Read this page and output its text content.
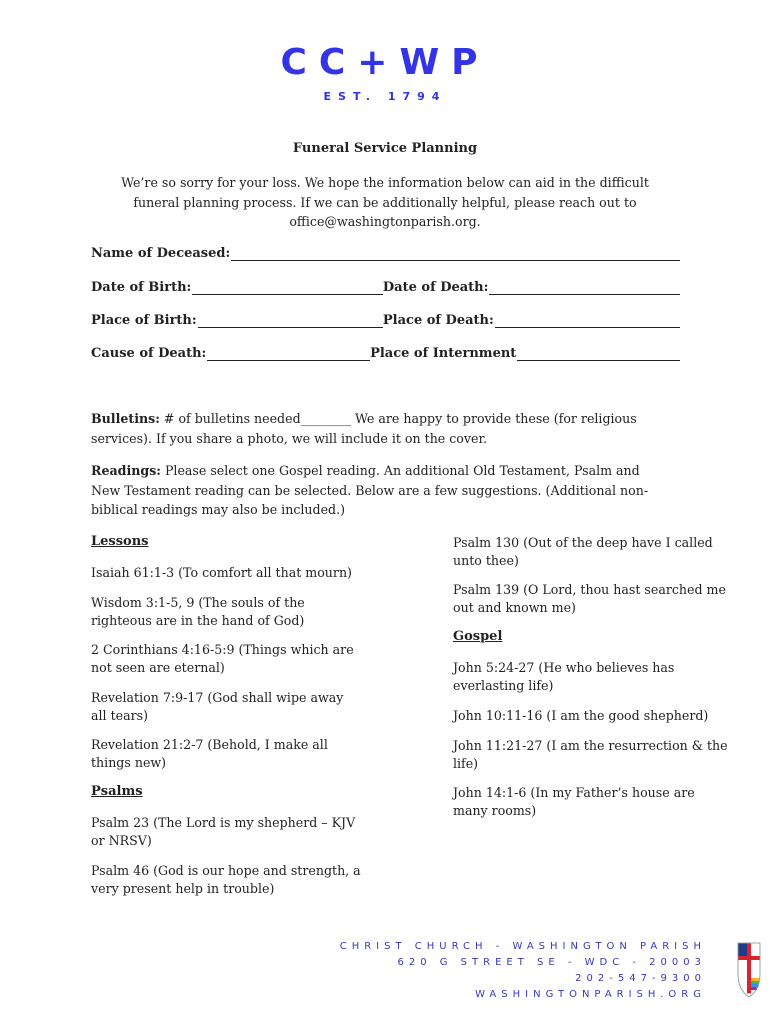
CC+WP
EST. 1794
Funeral Service Planning
We’re so sorry for your loss. We hope the information below can aid in the difficult funeral planning process. If we can be additionally helpful, please reach out to office@washingtonparish.org.
Name of Deceased:
Date of Birth:	Date of Death:
Place of Birth:	Place of Death:
Cause of Death:	Place of Internment
Bulletins: # of bulletins needed________ We are happy to provide these (for religious services). If you share a photo, we will include it on the cover.
Readings: Please select one Gospel reading. An additional Old Testament, Psalm and New Testament reading can be selected. Below are a few suggestions. (Additional non-biblical readings may also be included.)
Lessons
Isaiah 61:1-3 (To comfort all that mourn)
Wisdom 3:1-5, 9 (The souls of the righteous are in the hand of God)
2 Corinthians 4:16-5:9 (Things which are not seen are eternal)
Revelation 7:9-17 (God shall wipe away all tears)
Revelation 21:2-7 (Behold, I make all things new)
Psalms
Psalm 23 (The Lord is my shepherd – KJV or NRSV)
Psalm 46 (God is our hope and strength, a very present help in trouble)
Psalm 130 (Out of the deep have I called unto thee)
Psalm 139 (O Lord, thou hast searched me out and known me)
Gospel
John 5:24-27 (He who believes has everlasting life)
John 10:11-16 (I am the good shepherd)
John 11:21-27 (I am the resurrection & the life)
John 14:1-6 (In my Father’s house are many rooms)
CHRIST CHURCH - WASHINGTON PARISH
620 G STREET SE - WDC - 20003
202-547-9300
WASHINGTONPARISH.ORG
